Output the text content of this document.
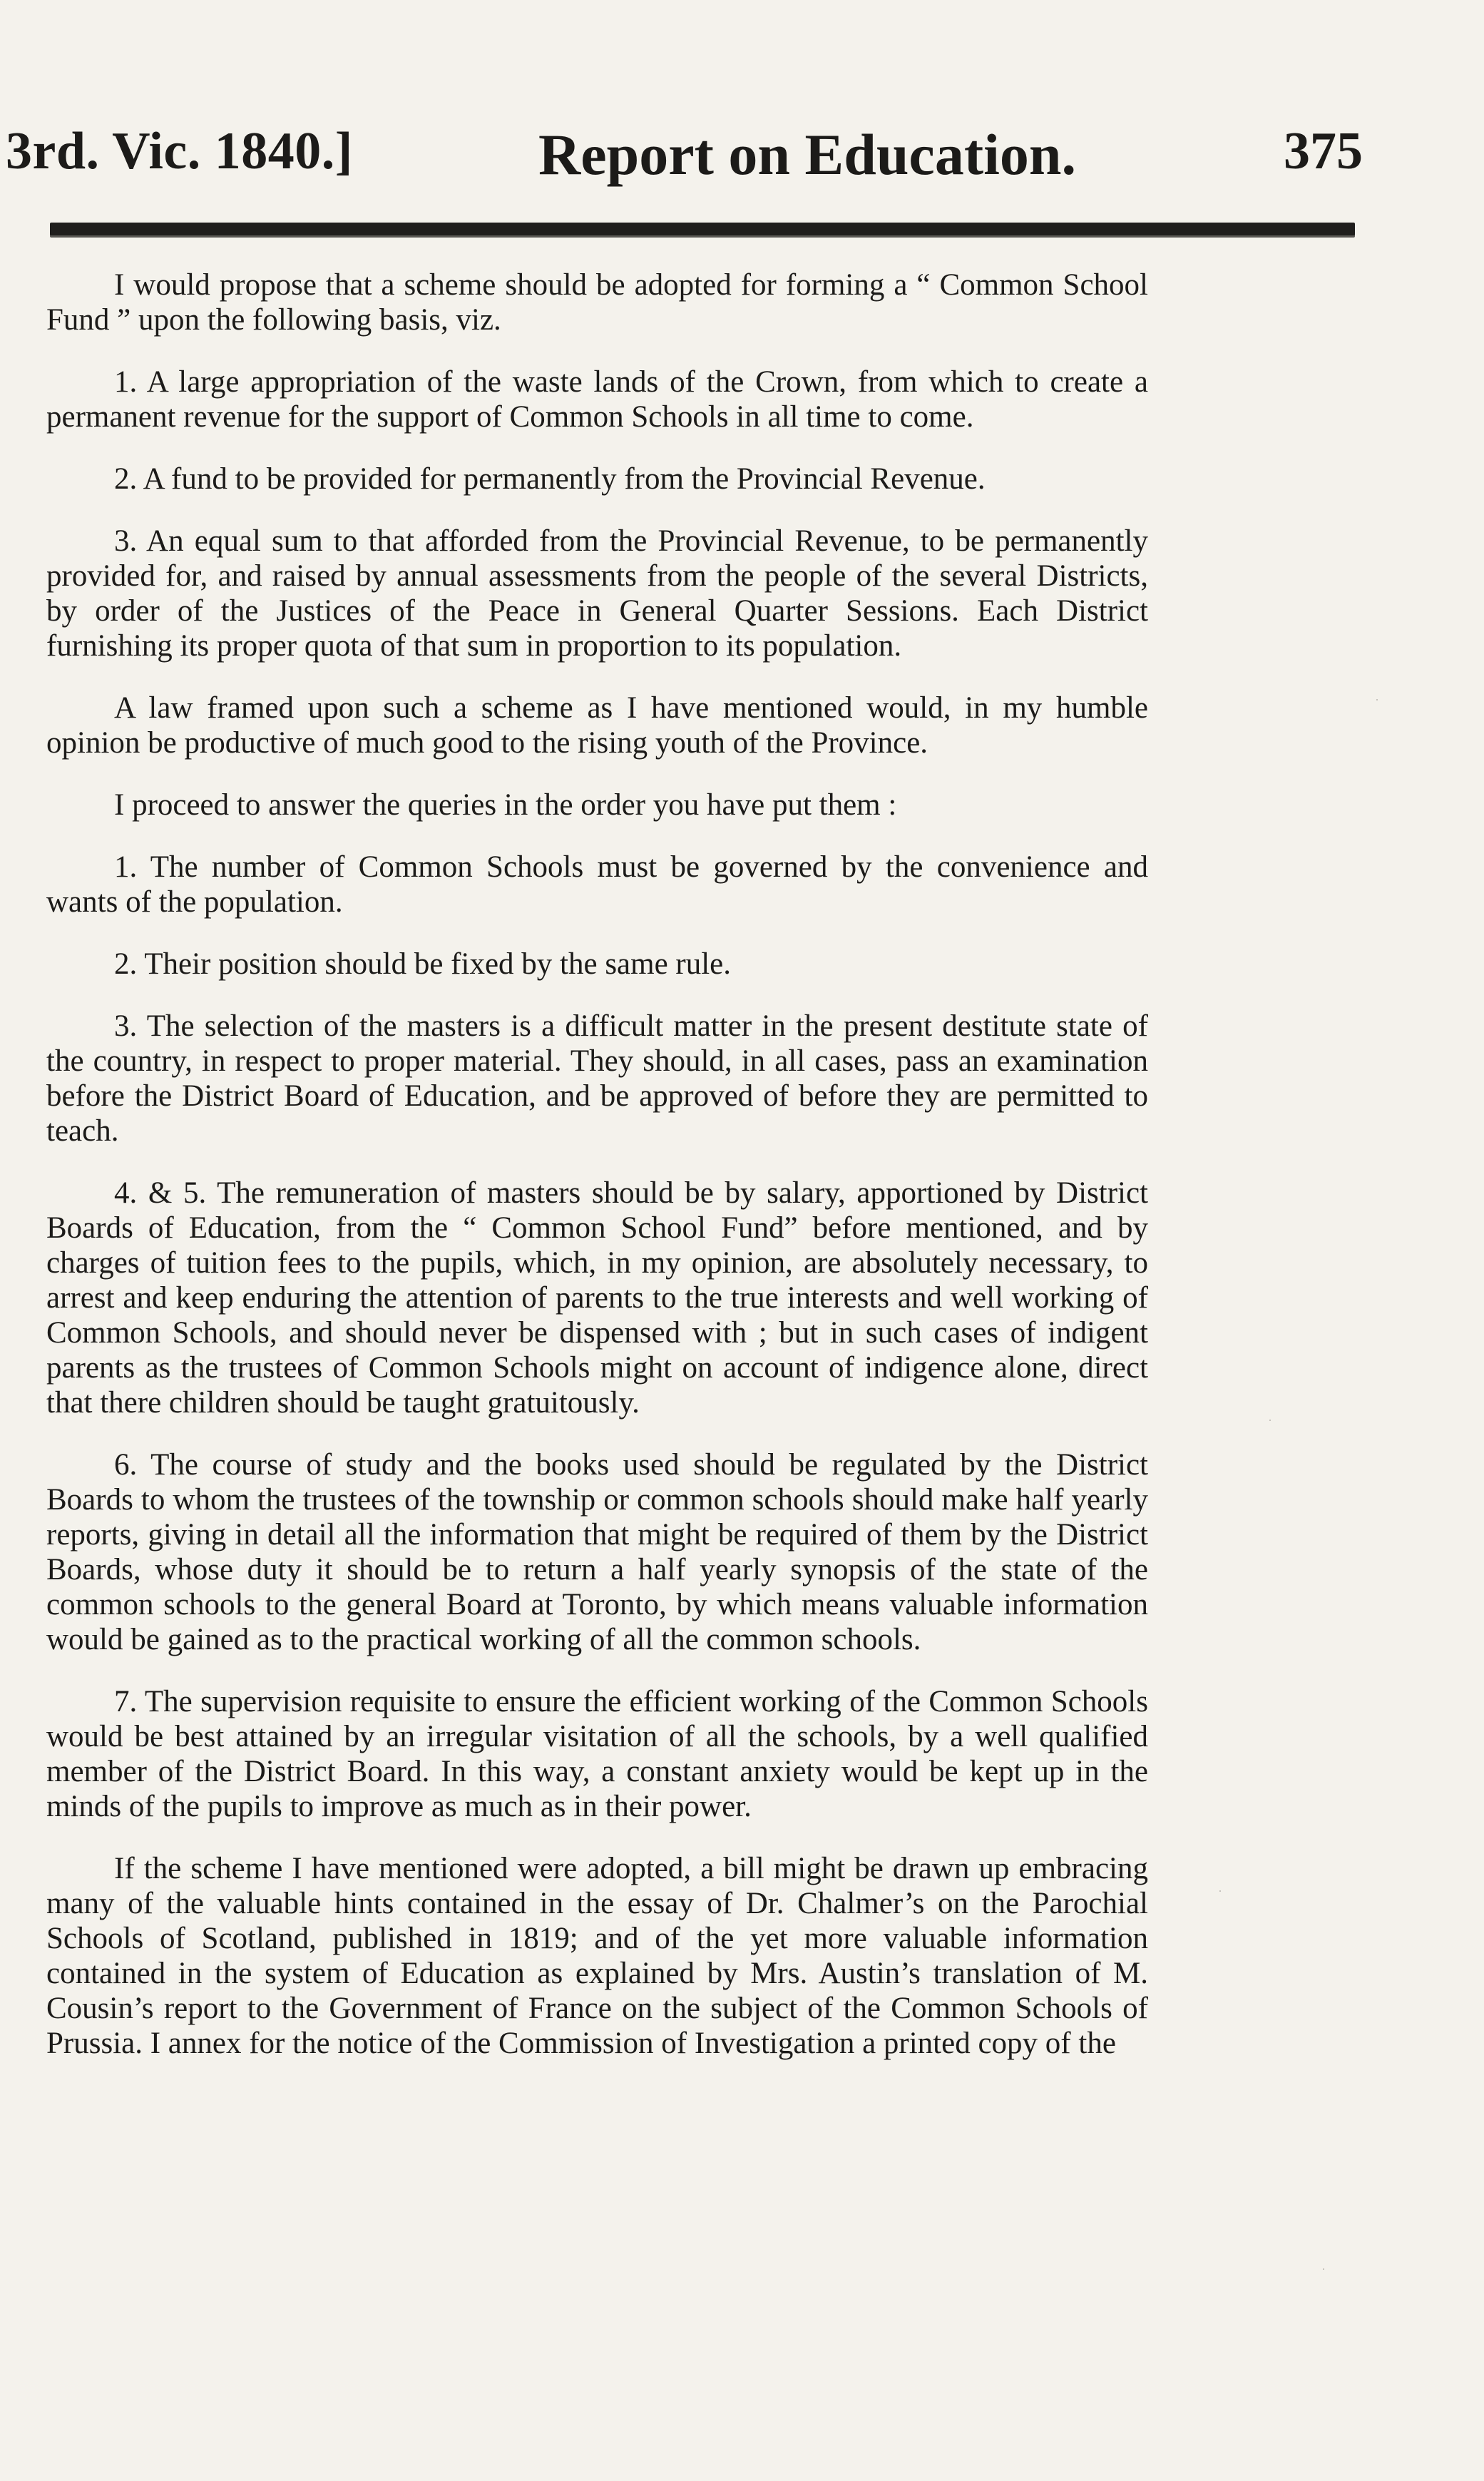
3rd. Vic. 1840.]	Report on Education.	375

I would propose that a scheme should be adopted for forming a “ Common School Fund ” upon the following basis, viz.

1. A large appropriation of the waste lands of the Crown, from which to create a permanent revenue for the support of Common Schools in all time to come.

2. A fund to be provided for permanently from the Provincial Revenue.

3. An equal sum to that afforded from the Provincial Revenue, to be permanently provided for, and raised by annual assessments from the people of the several Districts, by order of the Justices of the Peace in General Quarter Sessions. Each District furnishing its proper quota of that sum in proportion to its population.

A law framed upon such a scheme as I have mentioned would, in my humble opinion be productive of much good to the rising youth of the Province.

I proceed to answer the queries in the order you have put them :

1. The number of Common Schools must be governed by the convenience and wants of the population.

2. Their position should be fixed by the same rule.

3. The selection of the masters is a difficult matter in the present destitute state of the country, in respect to proper material. They should, in all cases, pass an examination before the District Board of Education, and be approved of before they are permitted to teach.

4. & 5. The remuneration of masters should be by salary, apportioned by District Boards of Education, from the “ Common School Fund” before mentioned, and by charges of tuition fees to the pupils, which, in my opinion, are absolutely necessary, to arrest and keep enduring the attention of parents to the true interests and well working of Common Schools, and should never be dispensed with ; but in such cases of indigent parents as the trustees of Common Schools might on account of indigence alone, direct that there children should be taught gratuitously.

6. The course of study and the books used should be regulated by the District Boards to whom the trustees of the township or common schools should make half yearly reports, giving in detail all the information that might be required of them by the District Boards, whose duty it should be to return a half yearly synopsis of the state of the common schools to the general Board at Toronto, by which means valuable information would be gained as to the practical working of all the common schools.

7. The supervision requisite to ensure the efficient working of the Common Schools would be best attained by an irregular visitation of all the schools, by a well qualified member of the District Board. In this way, a constant anxiety would be kept up in the minds of the pupils to improve as much as in their power.

If the scheme I have mentioned were adopted, a bill might be drawn up embracing many of the valuable hints contained in the essay of Dr. Chalmer’s on the Parochial Schools of Scotland, published in 1819; and of the yet more valuable information contained in the system of Education as explained by Mrs. Austin’s translation of M. Cousin’s report to the Government of France on the subject of the Common Schools of Prussia. I annex for the notice of the Commission of Investigation a printed copy of the
